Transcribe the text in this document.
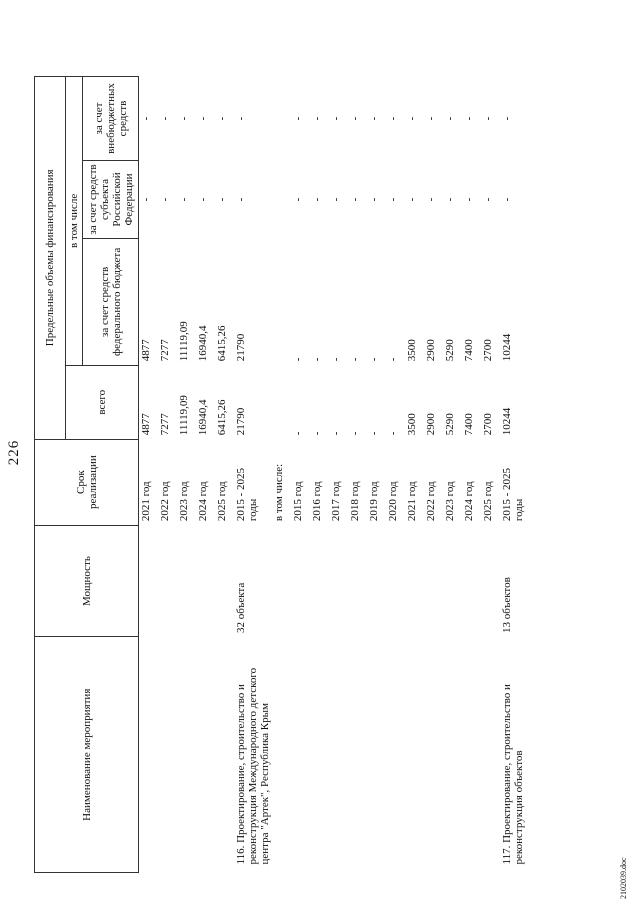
226
Наименование мероприятия	Мощность	Срок реализации	Предельные объемы финансирования			
			всего	в том числе		
				за счет средств федерального бюджета	за счет средств субъекта Российской Федерации	за счет внебюджетных средств
		2021 год	4877	4877	-	-
		2022 год	7277	7277	-	-
		2023 год	11119,09	11119,09	-	-
		2024 год	16940,4	16940,4	-	-
		2025 год	6415,26	6415,26	-	-
116. Проектирование, строительство и реконструкция Международного детского центра "Артек", Республика Крым	32 объекта	2015 - 2025 годы	21790	21790	-	-
		в том числе:				
		2015 год	-	-	-	-
		2016 год	-	-	-	-
		2017 год	-	-	-	-
		2018 год	-	-	-	-
		2019 год	-	-	-	-
		2020 год	-	-	-	-
		2021 год	3500	3500	-	-
		2022 год	2900	2900	-	-
		2023 год	5290	5290	-	-
		2024 год	7400	7400	-	-
		2025 год	2700	2700	-	-
117. Проектирование, строительство и реконструкция объектов	13 объектов	2015 - 2025 годы	10244	10244	-	-
2102039.doc
